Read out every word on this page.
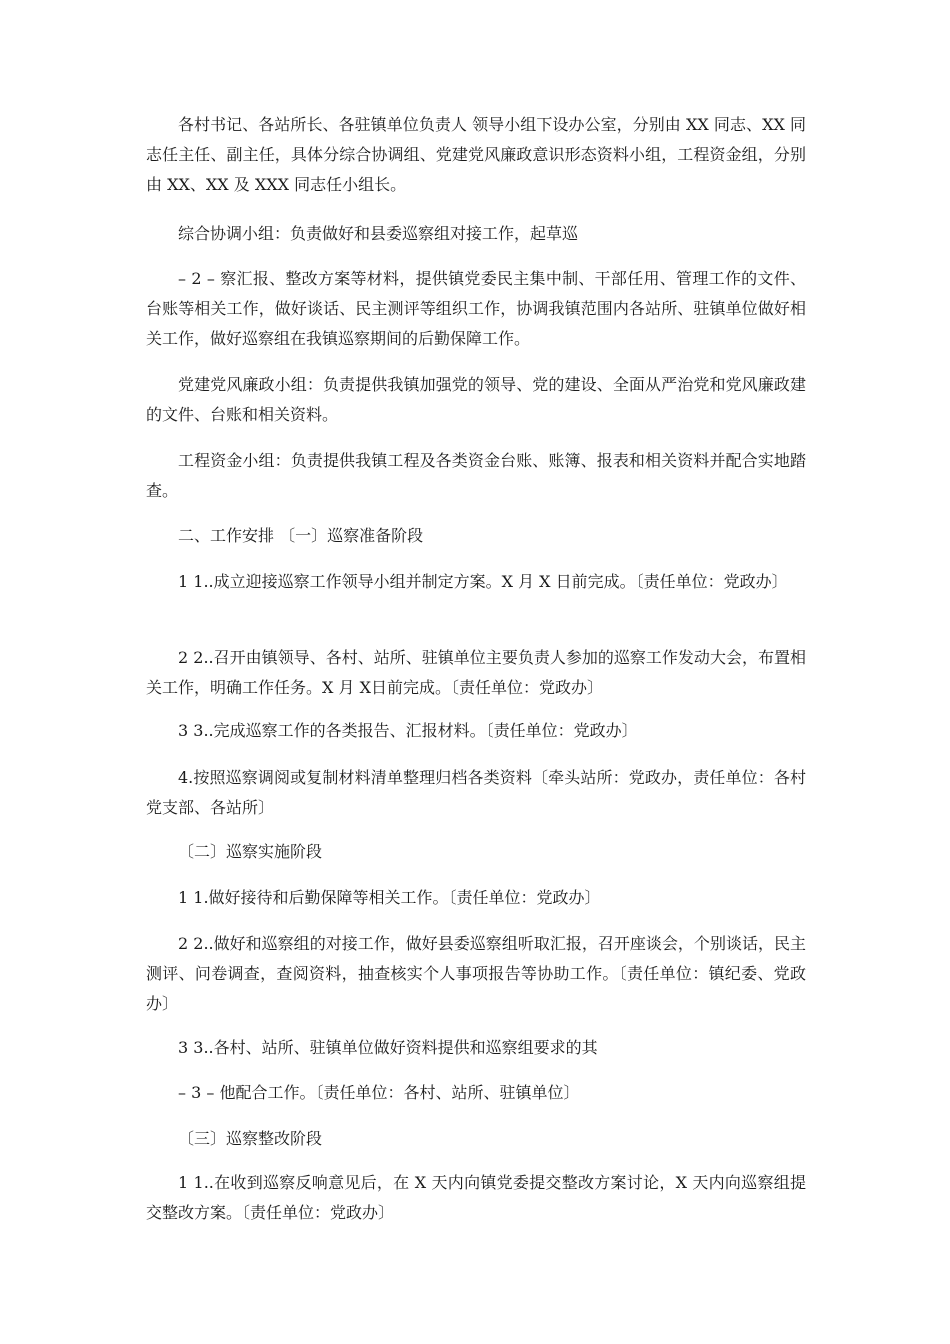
各村书记、各站所长、各驻镇单位负责人 领导小组下设办公室，分别由 XX 同志、XX 同志任主任、副主任，具体分综合协调组、党建党风廉政意识形态资料小组，工程资金组，分别由 XX、XX 及 XXX 同志任小组长。

综合协调小组：负责做好和县委巡察组对接工作，起草巡

– 2 – 察汇报、整改方案等材料，提供镇党委民主集中制、干部任用、管理工作的文件、台账等相关工作，做好谈话、民主测评等组织工作，协调我镇范围内各站所、驻镇单位做好相关工作，做好巡察组在我镇巡察期间的后勤保障工作。

党建党风廉政小组：负责提供我镇加强党的领导、党的建设、全面从严治党和党风廉政建的文件、台账和相关资料。

工程资金小组：负责提供我镇工程及各类资金台账、账簿、报表和相关资料并配合实地踏查。

二、工作安排 〔一〕巡察准备阶段

1 1..成立迎接巡察工作领导小组并制定方案。X 月 X 日前完成。〔责任单位：党政办〕

2 2..召开由镇领导、各村、站所、驻镇单位主要负责人参加的巡察工作发动大会，布置相关工作，明确工作任务。X 月 X日前完成。〔责任单位：党政办〕

3 3..完成巡察工作的各类报告、汇报材料。〔责任单位：党政办〕

4.按照巡察调阅或复制材料清单整理归档各类资料〔牵头站所：党政办，责任单位：各村党支部、各站所〕

〔二〕巡察实施阶段

1 1.做好接待和后勤保障等相关工作。〔责任单位：党政办〕

2 2..做好和巡察组的对接工作，做好县委巡察组听取汇报，召开座谈会，个别谈话，民主测评、问卷调查，查阅资料，抽查核实个人事项报告等协助工作。〔责任单位：镇纪委、党政办〕

3 3..各村、站所、驻镇单位做好资料提供和巡察组要求的其

– 3 – 他配合工作。〔责任单位：各村、站所、驻镇单位〕

〔三〕巡察整改阶段

1 1..在收到巡察反响意见后，在 X 天内向镇党委提交整改方案讨论，X 天内向巡察组提交整改方案。〔责任单位：党政办〕
